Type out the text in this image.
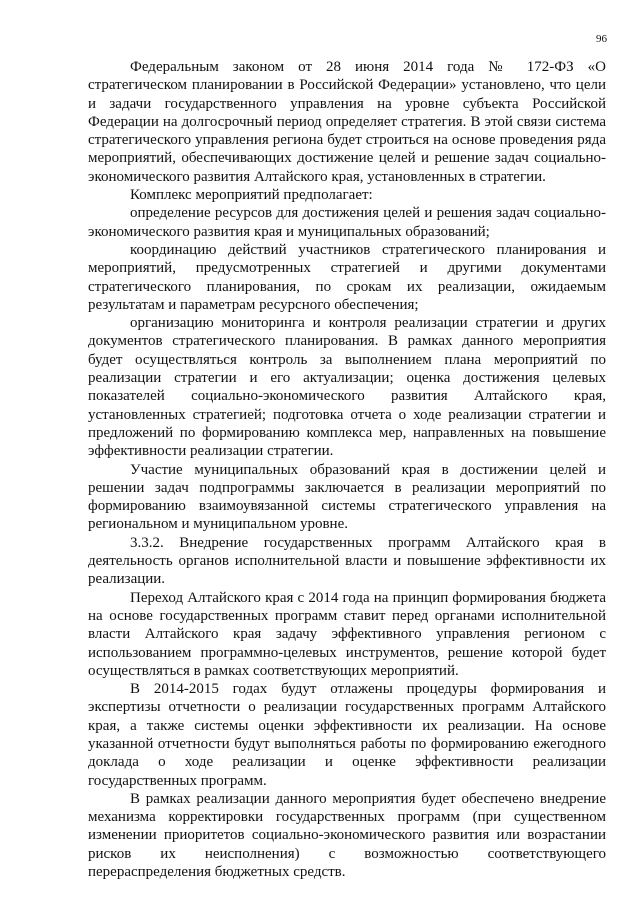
96

Федеральным законом от 28 июня 2014 года № 172-ФЗ «О стратегическом планировании в Российской Федерации» установлено, что цели и задачи государственного управления на уровне субъекта Российской Федерации на долгосрочный период определяет стратегия. В этой связи система стратегического управления региона будет строиться на основе проведения ряда мероприятий, обеспечивающих достижение целей и решение задач социально-экономического развития Алтайского края, установленных в стратегии.

Комплекс мероприятий предполагает:

определение ресурсов для достижения целей и решения задач социально-экономического развития края и муниципальных образований;

координацию действий участников стратегического планирования и мероприятий, предусмотренных стратегией и другими документами стратегического планирования, по срокам их реализации, ожидаемым результатам и параметрам ресурсного обеспечения;

организацию мониторинга и контроля реализации стратегии и других документов стратегического планирования. В рамках данного мероприятия будет осуществляться контроль за выполнением плана мероприятий по реализации стратегии и его актуализации; оценка достижения целевых показателей социально-экономического развития Алтайского края, установленных стратегией; подготовка отчета о ходе реализации стратегии и предложений по формированию комплекса мер, направленных на повышение эффективности реализации стратегии.

Участие муниципальных образований края в достижении целей и решении задач подпрограммы заключается в реализации мероприятий по формированию взаимоувязанной системы стратегического управления на региональном и муниципальном уровне.

3.3.2. Внедрение государственных программ Алтайского края в деятельность органов исполнительной власти и повышение эффективности их реализации.

Переход Алтайского края с 2014 года на принцип формирования бюджета на основе государственных программ ставит перед органами исполнительной власти Алтайского края задачу эффективного управления регионом с использованием программно-целевых инструментов, решение которой будет осуществляться в рамках соответствующих мероприятий.

В 2014-2015 годах будут отлажены процедуры формирования и экспертизы отчетности о реализации государственных программ Алтайского края, а также системы оценки эффективности их реализации. На основе указанной отчетности будут выполняться работы по формированию ежегодного доклада о ходе реализации и оценке эффективности реализации государственных программ.

В рамках реализации данного мероприятия будет обеспечено внедрение механизма корректировки государственных программ (при существенном изменении приоритетов социально-экономического развития или возрастании рисков их неисполнения) с возможностью соответствующего перераспределения бюджетных средств.
